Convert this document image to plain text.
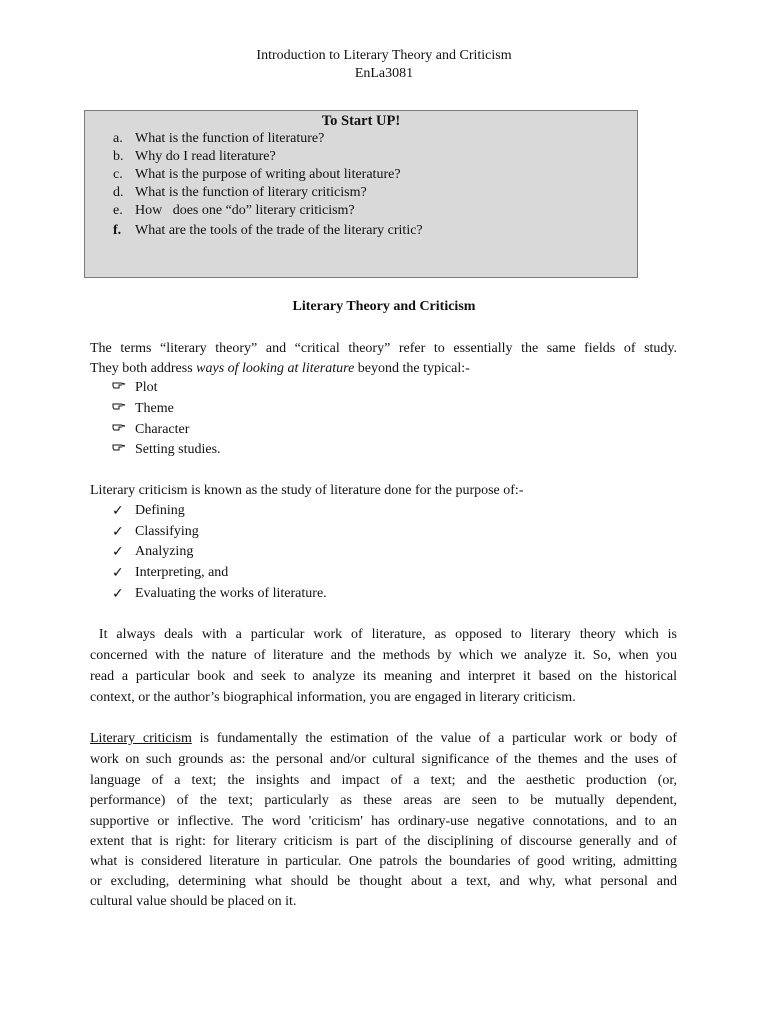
Introduction to Literary Theory and Criticism
EnLa3081
To Start UP!
a. What is the function of literature?
b. Why do I read literature?
c. What is the purpose of writing about literature?
d. What is the function of literary criticism?
e. How   does one “do” literary criticism?
f. What are the tools of the trade of the literary critic?
Literary Theory and Criticism
The terms “literary theory” and “critical theory” refer to essentially the same fields of study.
They both address ways of looking at literature beyond the typical:-
Plot
Theme
Character
Setting studies.
Literary criticism is known as the study of literature done for the purpose of:-
✓ Defining
✓ Classifying
✓ Analyzing
✓ Interpreting, and
✓ Evaluating the works of literature.
It always deals with a particular work of literature, as opposed to literary theory which is
concerned with the nature of literature and the methods by which we analyze it. So, when you
read a particular book and seek to analyze its meaning and interpret it based on the historical
context, or the author’s biographical information, you are engaged in literary criticism.
Literary criticism is fundamentally the estimation of the value of a particular work or body of
work on such grounds as: the personal and/or cultural significance of the themes and the uses of
language of a text; the insights and impact of a text; and the aesthetic production (or,
performance) of the text; particularly as these areas are seen to be mutually dependent,
supportive or inflective. The word 'criticism' has ordinary-use negative connotations, and to an
extent that is right: for literary criticism is part of the disciplining of discourse generally and of
what is considered literature in particular. One patrols the boundaries of good writing, admitting
or excluding, determining what should be thought about a text, and why, what personal and
cultural value should be placed on it.
